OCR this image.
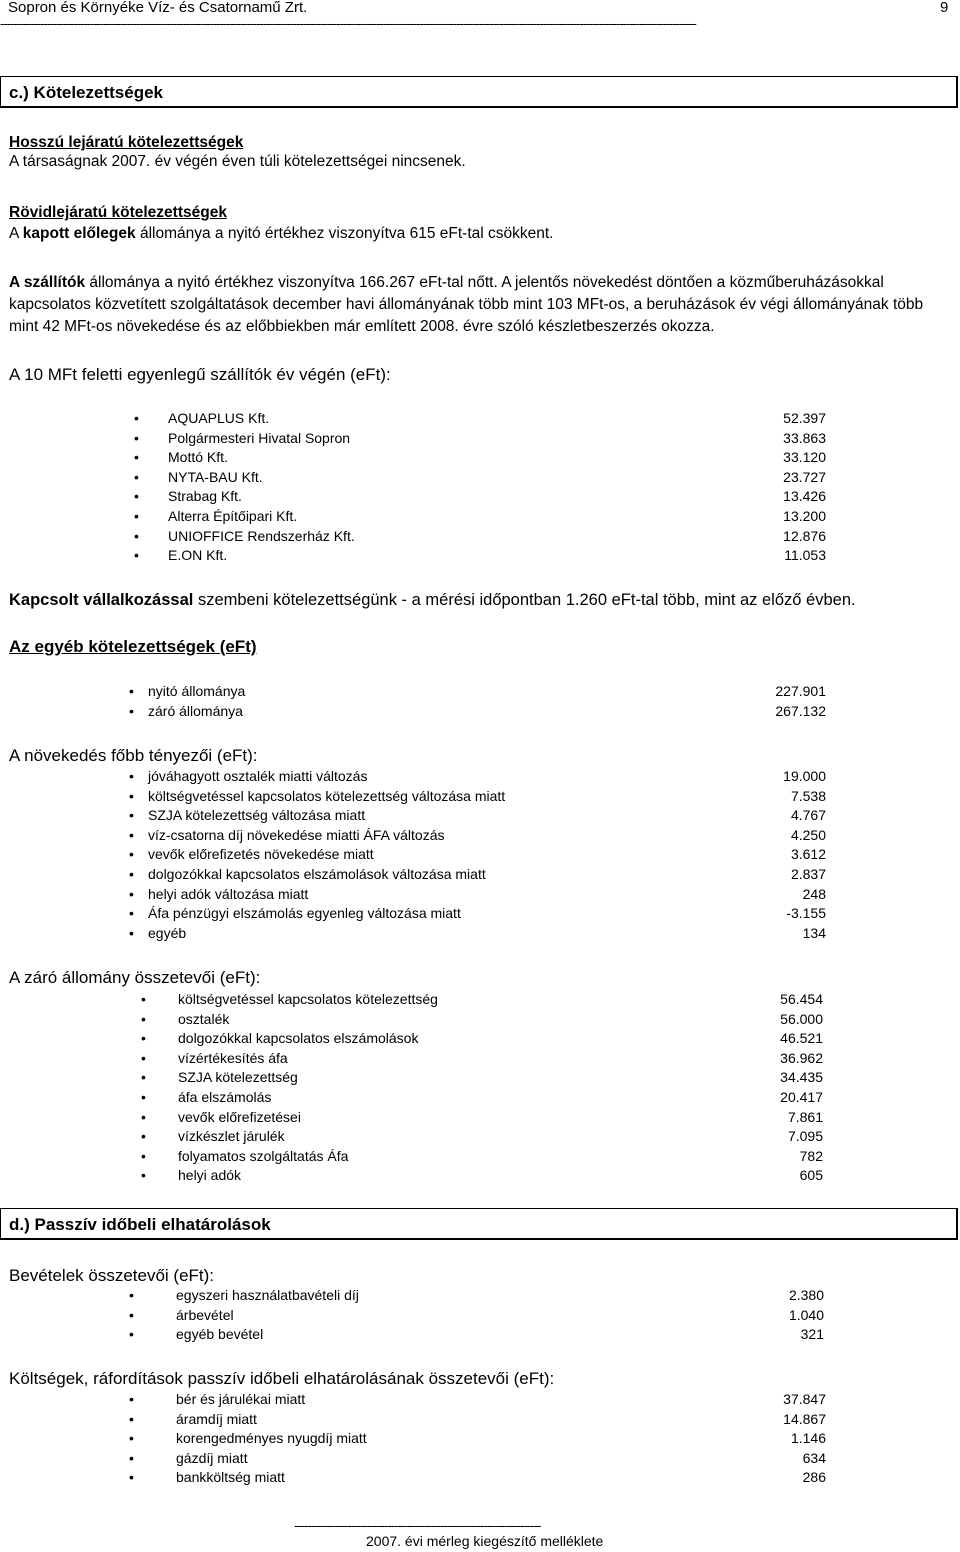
Sopron és Környéke Víz- és Csatornamű Zrt.	9
-----------------------------------------------------------------------------------------------------------------------------------------------------------------------------------------------------------------
c.) Kötelezettségek
Hosszú lejáratú kötelezettségek
A társaságnak 2007. év végén éven túli kötelezettségei nincsenek.
Rövidlejáratú kötelezettségek
A kapott előlegek állománya a nyitó értékhez viszonyítva 615 eFt-tal csökkent.
A szállítók állománya a nyitó értékhez viszonyítva 166.267 eFt-tal nőtt. A jelentős növekedést döntően a közműberuházásokkal kapcsolatos közvetített szolgáltatások december havi állományának több mint 103 MFt-os, a beruházások év végi állományának több mint 42 MFt-os növekedése és az előbbiekben már említett 2008. évre szóló készletbeszerzés okozza.
A 10 MFt feletti egyenlegű szállítók év végén (eFt):
• AQUAPLUS Kft.	52.397
• Polgármesteri Hivatal Sopron	33.863
• Mottó Kft.	33.120
• NYTA-BAU Kft.	23.727
• Strabag Kft.	13.426
• Alterra Építőipari Kft.	13.200
• UNIOFFICE Rendszerház Kft.	12.876
• E.ON Kft.	11.053
Kapcsolt vállalkozással szembeni kötelezettségünk - a mérési időpontban 1.260 eFt-tal több, mint az előző évben.
Az egyéb kötelezettségek (eFt)
• nyitó állománya	227.901
• záró állománya	267.132
A növekedés főbb tényezői (eFt):
• jóváhagyott osztalék miatti változás	19.000
• költségvetéssel kapcsolatos kötelezettség változása miatt	7.538
• SZJA kötelezettség változása miatt	4.767
• víz-csatorna díj növekedése miatti ÁFA változás	4.250
• vevők előrefizetés növekedése miatt	3.612
• dolgozókkal kapcsolatos elszámolások változása miatt	2.837
• helyi adók változása miatt	248
• Áfa pénzügyi elszámolás egyenleg változása miatt	-3.155
• egyéb	134
A záró állomány összetevői (eFt):
• költségvetéssel kapcsolatos kötelezettség	56.454
• osztalék	56.000
• dolgozókkal kapcsolatos elszámolások	46.521
• vízértékesítés áfa	36.962
• SZJA kötelezettség	34.435
• áfa elszámolás	20.417
• vevők előrefizetései	7.861
• vízkészlet járulék	7.095
• folyamatos szolgáltatás Áfa	782
• helyi adók	605
d.) Passzív időbeli elhatárolások
Bevételek összetevői (eFt):
•	egyszeri használatbavételi díj	2.380
•	árbevétel	1.040
•	egyéb bevétel	321
Költségek, ráfordítások passzív időbeli elhatárolásának összetevői (eFt):
•	bér és járulékai miatt	37.847
•	áramdíj miatt	14.867
•	korengedményes nyugdíj miatt	1.146
•	gázdíj miatt	634
•	bankköltség miatt	286
--------------------------------------------------------------------------
2007. évi mérleg kiegészítő melléklete
